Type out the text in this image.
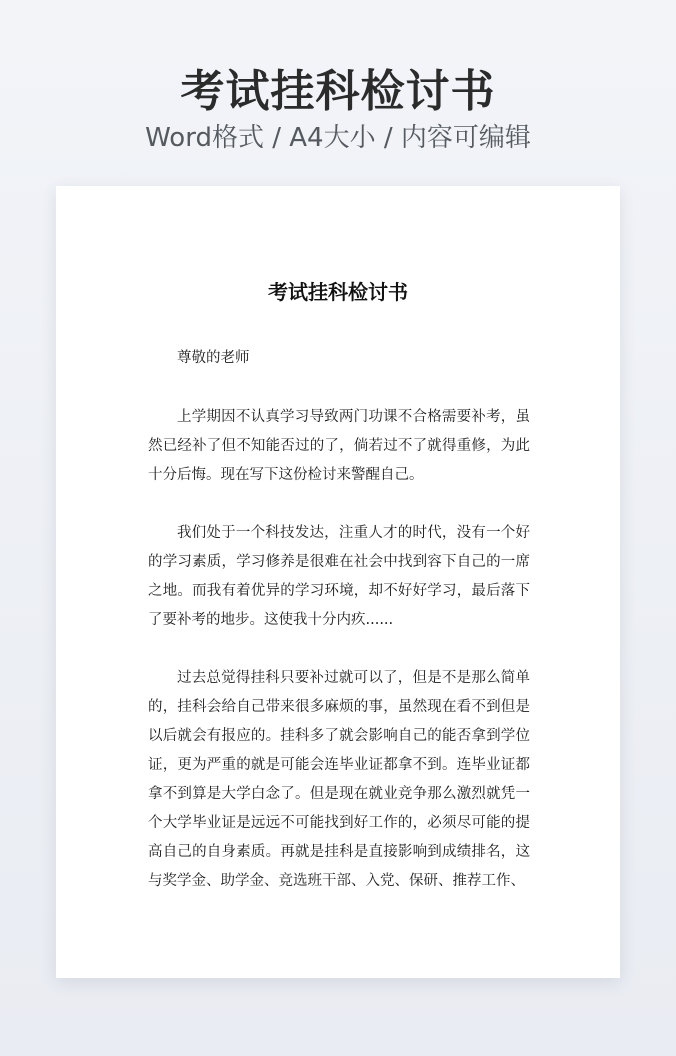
考试挂科检讨书
Word格式 / A4大小 / 内容可编辑
考试挂科检讨书

尊敬的老师

上学期因不认真学习导致两门功课不合格需要补考，虽然已经补了但不知能否过的了，倘若过不了就得重修，为此十分后悔。现在写下这份检讨来警醒自己。

我们处于一个科技发达，注重人才的时代，没有一个好的学习素质，学习修养是很难在社会中找到容下自己的一席之地。而我有着优异的学习环境，却不好好学习，最后落下了要补考的地步。这使我十分内疚......

过去总觉得挂科只要补过就可以了，但是不是那么简单的，挂科会给自己带来很多麻烦的事，虽然现在看不到但是以后就会有报应的。挂科多了就会影响自己的能否拿到学位证，更为严重的就是可能会连毕业证都拿不到。连毕业证都拿不到算是大学白念了。但是现在就业竞争那么激烈就凭一个大学毕业证是远远不可能找到好工作的，必须尽可能的提高自己的自身素质。再就是挂科是直接影响到成绩排名，这与奖学金、助学金、竞选班干部、入党、保研、推荐工作、
